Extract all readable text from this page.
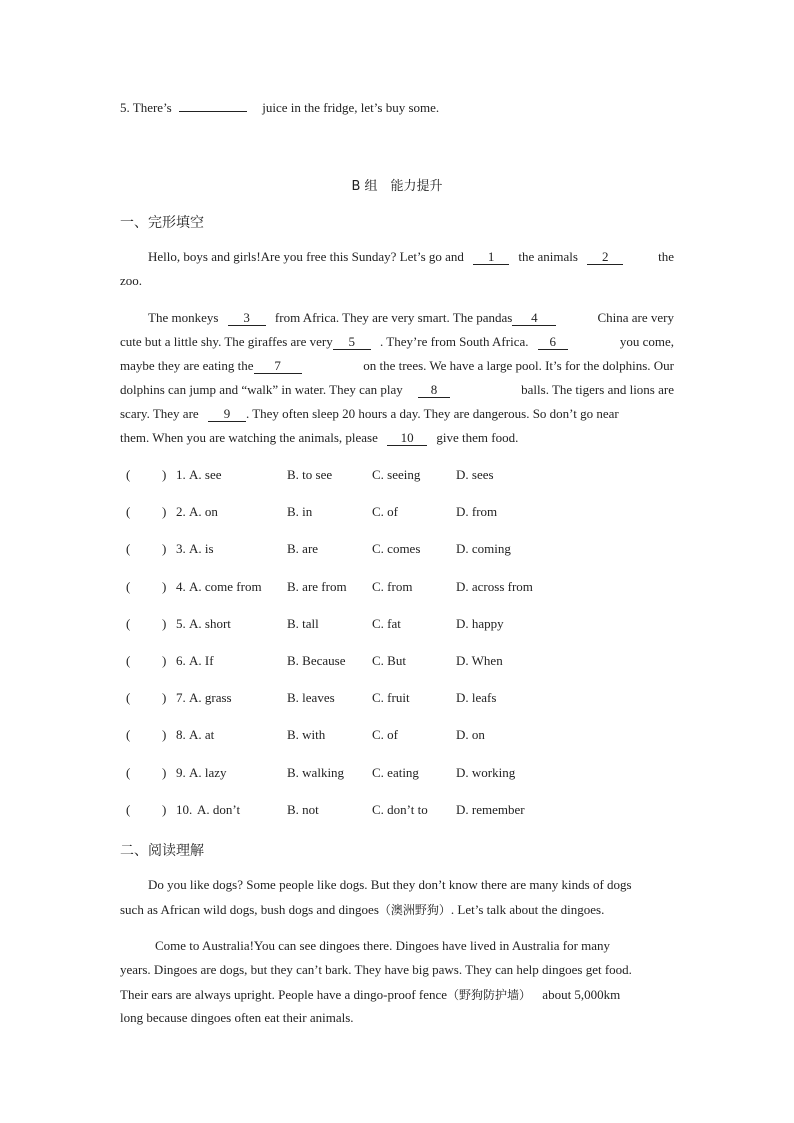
5. There’s	juice in the fridge, let’s buy some.
B 组　能力提升
一、完形填空
Hello, boys and girls!Are you free this Sunday? Let’s go and 1 the animals 2	the
zoo.
The monkeys 3 from Africa. They are very smart. The pandas 4	China are very
cute but a little shy. The giraffes are very 5 . They’re from South Africa. 6	you come,
maybe they are eating the 7	on the trees. We have a large pool. It’s for the dolphins. Our
dolphins can jump and “walk” in water. They can play 8	balls. The tigers and lions are
scary. They are 9 . They often sleep 20 hours a day. They are dangerous. So don’t go near
them. When you are watching the animals, please 10 give them food.
( ) 1. A. see	B. to see	C. seeing	D. sees
( ) 2. A. on	B. in	C. of	D. from
( ) 3. A. is	B. are	C. comes	D. coming
( ) 4. A. come from B. are from C. from	D. across from
( ) 5. A. short	B. tall	C. fat	D. happy
( ) 6. A. If	B. Because C. But	D. When
( ) 7. A. grass	B. leaves	C. fruit	D. leafs
( ) 8. A. at	B. with	C. of	D. on
( ) 9. A. lazy	B. walking C. eating	D. working
( ) 10. A. don’t	B. not	C. don’t to D. remember
二、阅读理解
Do you like dogs? Some people like dogs. But they don’t know there are many kinds of dogs
such as African wild dogs, bush dogs and dingoes（澳洲野狗）. Let’s talk about the dingoes.
Come to Australia!You can see dingoes there. Dingoes have lived in Australia for many
years. Dingoes are dogs, but they can’t bark. They have big paws. They can help dingoes get food.
Their ears are always upright. People have a dingo-proof fence（野狗防护墙） about 5,000km
long because dingoes often eat their animals.
